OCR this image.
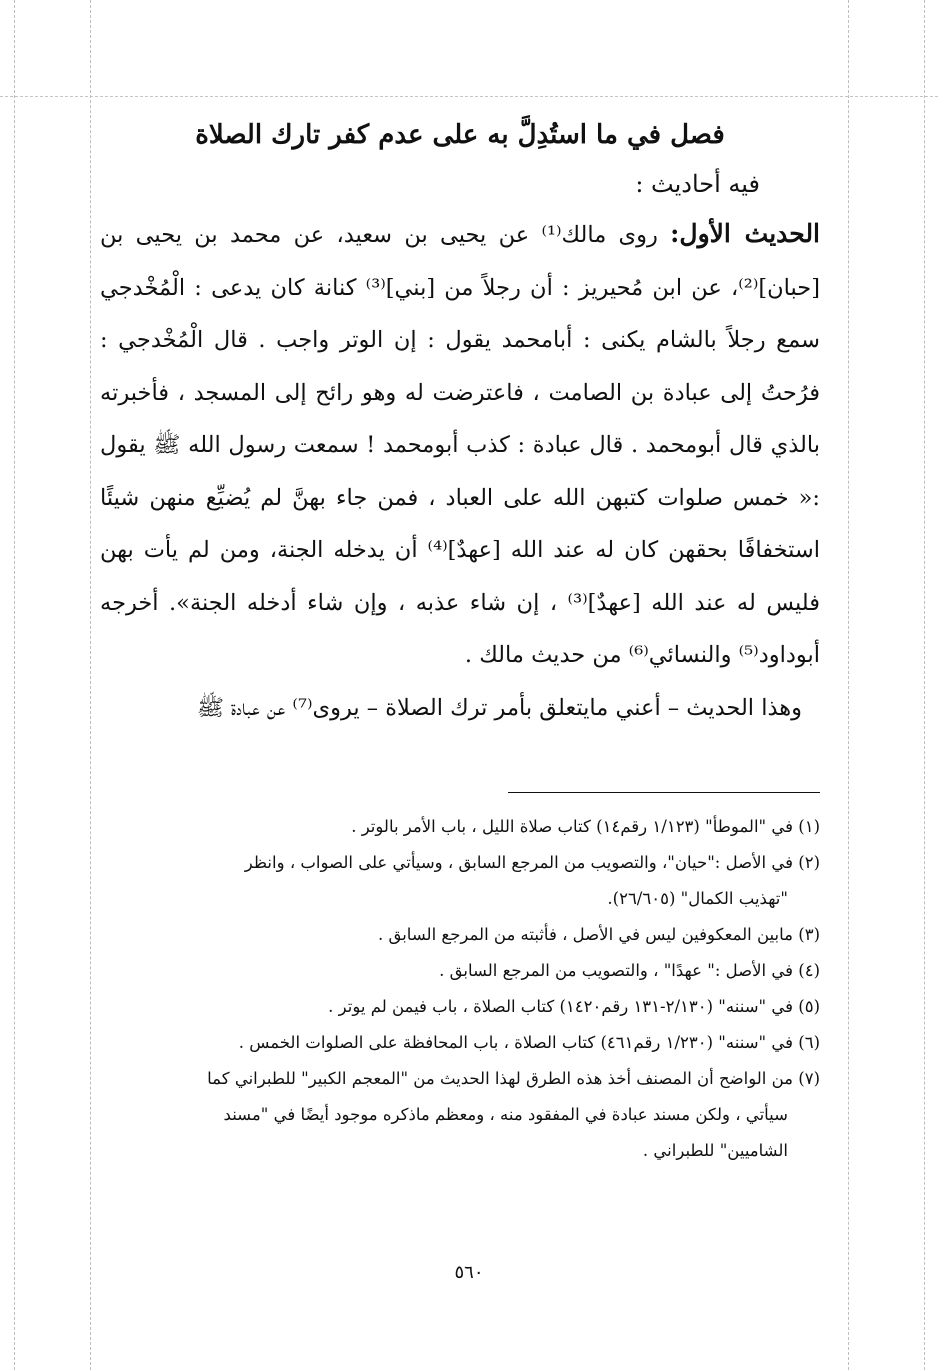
فصل في ما استُدِلَّ به على عدم كفر تارك الصلاة
فيه أحاديث :

الحديث الأول: روى مالك⁽¹⁾ عن يحيى بن سعيد، عن محمد بن يحيى بن [حبان]⁽²⁾، عن ابن مُحيريز : أن رجلاً من [بني]⁽³⁾ كنانة كان يدعى : الْمُخْدجي سمع رجلاً بالشام يكنى : أبامحمد يقول : إن الوتر واجب . قال الْمُخْدجي : فرُحتُ إلى عبادة بن الصامت ، فاعترضت له وهو رائح إلى المسجد ، فأخبرته بالذي قال أبومحمد . قال عبادة : كذب أبومحمد ! سمعت رسول الله ﷺ يقول :« خمس صلوات كتبهن الله على العباد ، فمن جاء بهنَّ لم يُضيِّع منهن شيئًا استخفافًا بحقهن كان له عند الله [عهدٌ]⁽⁴⁾ أن يدخله الجنة، ومن لم يأت بهن فليس له عند الله [عهدٌ]⁽³⁾ ، إن شاء عذبه ، وإن شاء أدخله الجنة». أخرجه أبوداود⁽⁵⁾ والنسائي⁽⁶⁾ من حديث مالك .

وهذا الحديث – أعني مايتعلق بأمر ترك الصلاة – يروى⁽⁷⁾ عن عبادة ﷺ
(١) في "الموطأ" (١/١٢٣ رقم١٤) كتاب صلاة الليل ، باب الأمر بالوتر .
(٢) في الأصل :"حيان"، والتصويب من المرجع السابق ، وسيأتي على الصواب ، وانظر
"تهذيب الكمال" (٢٦/٦٠٥).
(٣) مابين المعكوفين ليس في الأصل ، فأثبته من المرجع السابق .
(٤) في الأصل :" عهدًا" ، والتصويب من المرجع السابق .
(٥) في "سننه" (٢/١٣٠-١٣١ رقم١٤٢٠) كتاب الصلاة ، باب فيمن لم يوتر .
(٦) في "سننه" (١/٢٣٠ رقم٤٦١) كتاب الصلاة ، باب المحافظة على الصلوات الخمس .
(٧) من الواضح أن المصنف أخذ هذه الطرق لهذا الحديث من "المعجم الكبير" للطبراني كما
سيأتي ، ولكن مسند عبادة في المفقود منه ، ومعظم ماذكره موجود أيضًا في "مسند
الشاميين" للطبراني .
٥٦٠
